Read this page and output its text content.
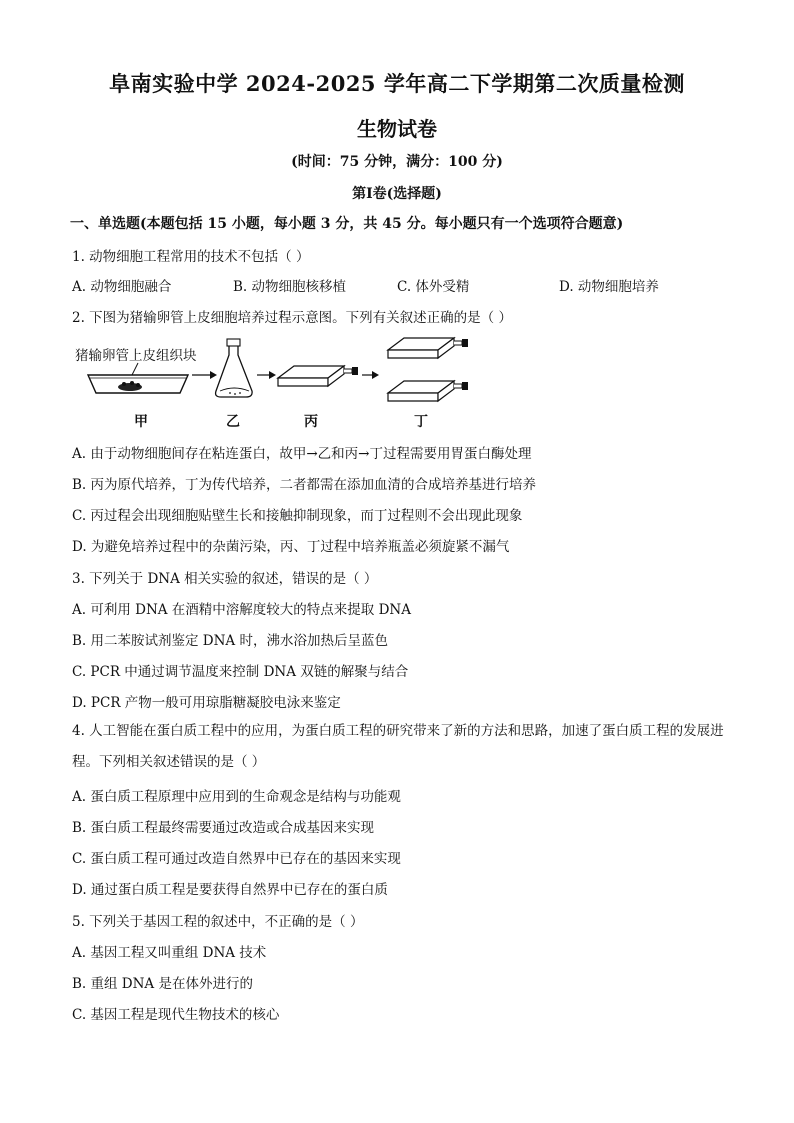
阜南实验中学 2024-2025 学年高二下学期第二次质量检测
生物试卷
(时间：75 分钟，满分：100 分)
第Ⅰ卷(选择题)
一、单选题(本题包括 15 小题，每小题 3 分，共 45 分。每小题只有一个选项符合题意)
1. 动物细胞工程常用的技术不包括（ ）
A. 动物细胞融合	B. 动物细胞核移植	C. 体外受精	D. 动物细胞培养
2. 下图为猪输卵管上皮细胞培养过程示意图。下列有关叙述正确的是（ ）
猪输卵管上皮组织块
甲	乙	丙	丁
A. 由于动物细胞间存在粘连蛋白，故甲→乙和丙→丁过程需要用胃蛋白酶处理
B. 丙为原代培养，丁为传代培养，二者都需在添加血清的合成培养基进行培养
C. 丙过程会出现细胞贴壁生长和接触抑制现象，而丁过程则不会出现此现象
D. 为避免培养过程中的杂菌污染，丙、丁过程中培养瓶盖必须旋紧不漏气
3. 下列关于 DNA 相关实验的叙述，错误的是（ ）
A. 可利用 DNA 在酒精中溶解度较大的特点来提取 DNA
B. 用二苯胺试剂鉴定 DNA 时，沸水浴加热后呈蓝色
C. PCR 中通过调节温度来控制 DNA 双链的解聚与结合
D. PCR 产物一般可用琼脂糖凝胶电泳来鉴定
4. 人工智能在蛋白质工程中的应用，为蛋白质工程的研究带来了新的方法和思路，加速了蛋白质工程的发展进程。下列相关叙述错误的是（ ）
A. 蛋白质工程原理中应用到的生命观念是结构与功能观
B. 蛋白质工程最终需要通过改造或合成基因来实现
C. 蛋白质工程可通过改造自然界中已存在的基因来实现
D. 通过蛋白质工程是要获得自然界中已存在的蛋白质
5. 下列关于基因工程的叙述中，不正确的是（ ）
A. 基因工程又叫重组 DNA 技术
B. 重组 DNA 是在体外进行的
C. 基因工程是现代生物技术的核心
